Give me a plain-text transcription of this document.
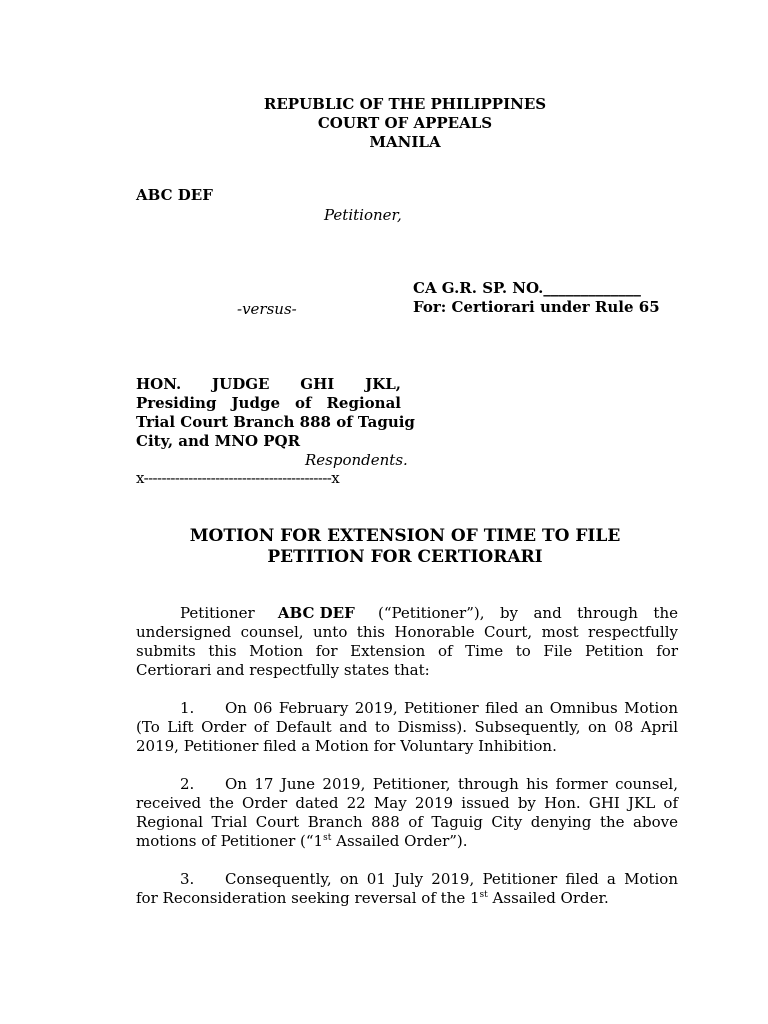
REPUBLIC OF THE PHILIPPINES
COURT OF APPEALS
MANILA
ABC DEF
Petitioner,
CA G.R. SP. NO._____________
-versus-	For: Certiorari under Rule 65
HON. JUDGE GHI JKL,
Presiding Judge of Regional
Trial Court Branch 888 of Taguig
City, and MNO PQR
Respondents.
x------------------------------------------x
MOTION FOR EXTENSION OF TIME TO FILE
PETITION FOR CERTIORARI
Petitioner ABC DEF (“Petitioner”), by and through the
undersigned counsel, unto this Honorable Court, most respectfully
submits this Motion for Extension of Time to File Petition for
Certiorari and respectfully states that:
1. On 06 February 2019, Petitioner filed an Omnibus Motion
(To Lift Order of Default and to Dismiss). Subsequently, on 08 April
2019, Petitioner filed a Motion for Voluntary Inhibition.
2. On 17 June 2019, Petitioner, through his former counsel,
received the Order dated 22 May 2019 issued by Hon. GHI JKL of
Regional Trial Court Branch 888 of Taguig City denying the above
motions of Petitioner (“1st Assailed Order”).
3. Consequently, on 01 July 2019, Petitioner filed a Motion
for Reconsideration seeking reversal of the 1st Assailed Order.
